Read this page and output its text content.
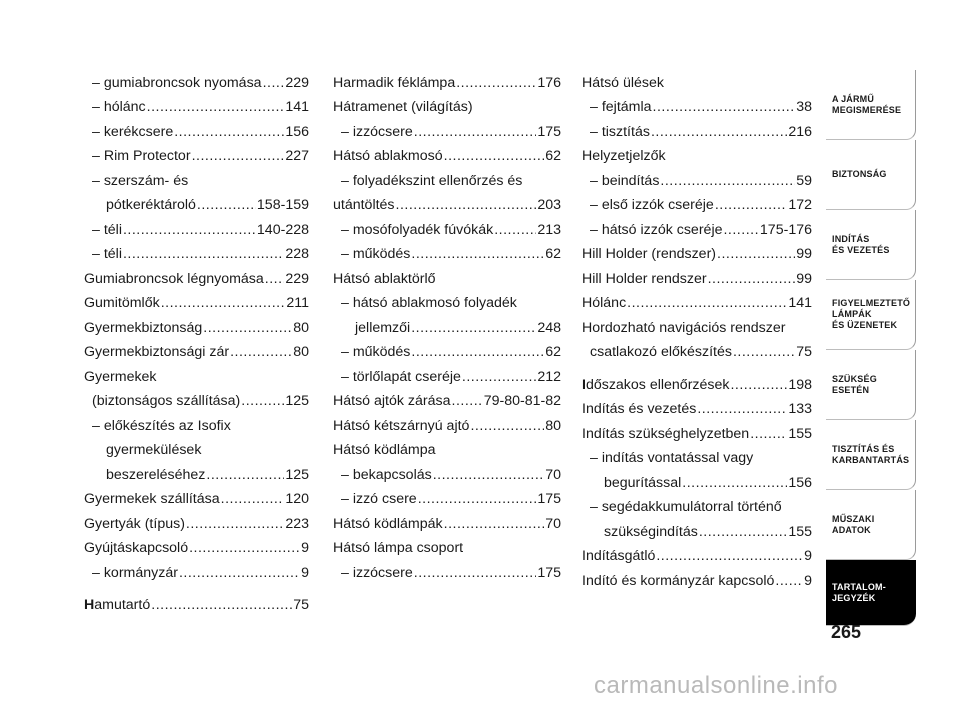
– gumiabroncsok nyomása ..... 229
– hólánc .....	141
– kerékcsere .....	156
– Rim Protector .....	227
– szerszám- és
pótkeréktároló .....	158-159
– téli .....	140-228
– téli .....	228
Gumiabroncsok légnyomása ..... 229
Gumitömlők .....	211
Gyermekbiztonság .....	80
Gyermekbiztonsági zár .....	80
Gyermekek
(biztonságos szállítása) .....	125
– előkészítés az Isofix
gyermekülések
beszereléséhez .....	125
Gyermekek szállítása .....	120
Gyertyák (típus) .....	223
Gyújtáskapcsoló .....	9
– kormányzár .....	9
Hamutartó .....	75
Harmadik féklámpa .....	176
Hátramenet (világítás)
– izzócsere .....	175
Hátsó ablakmosó .....	62
– folyadékszint ellenőrzés és
utántöltés .....	203
– mosófolyadék fúvókák .....	213
– működés .....	62
Hátsó ablaktörlő
– hátsó ablakmosó folyadék
jellemzői .....	248
– működés .....	62
– törlőlapát cseréje .....	212
Hátsó ajtók zárása ..... 79-80-81-82
Hátsó kétszárnyú ajtó .....	80
Hátsó ködlámpa
– bekapcsolás .....	70
– izzó csere .....	175
Hátsó ködlámpák .....	70
Hátsó lámpa csoport
– izzócsere .....	175
Hátsó ülések
– fejtámla .....	38
– tisztítás .....	216
Helyzetjelzők
– beindítás .....	59
– első izzók cseréje .....	172
– hátsó izzók cseréje .....	175-176
Hill Holder (rendszer) .....	99
Hill Holder rendszer .....	99
Hólánc .....	141
Hordozható navigációs rendszer
csatlakozó előkészítés .....	75
Időszakos ellenőrzések .....	198
Indítás és vezetés .....	133
Indítás szükséghelyzetben .....	155
– indítás vontatással vagy
begurítással .....	156
– segédakkumulátorral történő
szükségindítás .....	155
Indításgátló .....	9
Indító és kormányzár kapcsoló ..... 9
A JÁRMŰ
MEGISMERÉSE
BIZTONSÁG
INDÍTÁS
ÉS VEZETÉS
FIGYELMEZTETŐ
LÁMPÁK
ÉS ÜZENETEK
SZÜKSÉG
ESETÉN
TISZTÍTÁS ÉS
KARBANTARTÁS
MŰSZAKI
ADATOK
TARTALOM-
JEGYZÉK
265
carmanualsonline.info
